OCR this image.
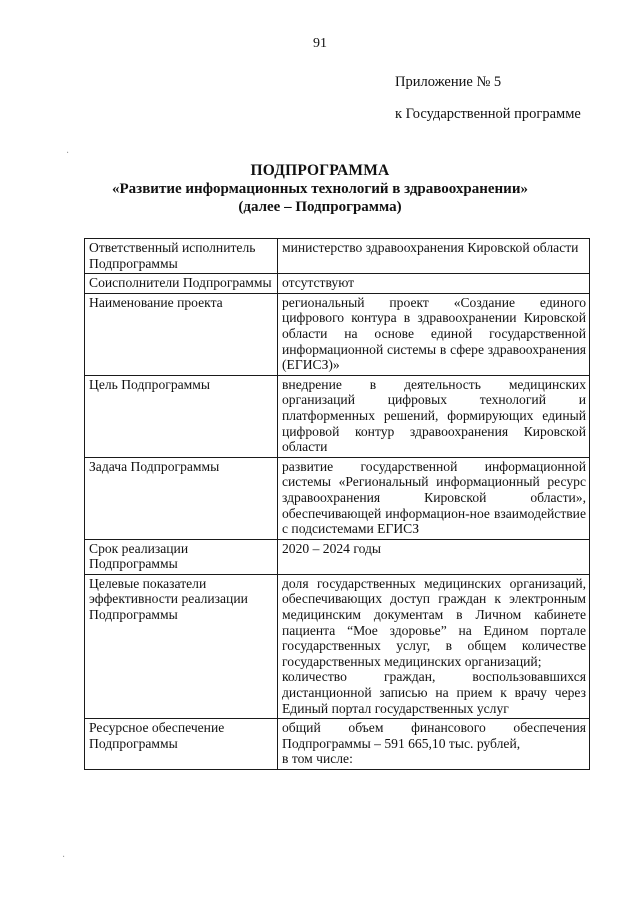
91
Приложение № 5
к Государственной программе
ПОДПРОГРАММА
«Развитие информационных технологий в здравоохранении»
(далее – Подпрограмма)
Ответственный исполнитель Подпрограммы	министерство здравоохранения Кировской области

Соисполнители Подпрограммы	отсутствуют

Наименование проекта	региональный проект «Создание единого цифрового контура в здравоохранении Кировской области на основе единой государственной информационной системы в сфере здравоохранения (ЕГИСЗ)»

Цель Подпрограммы	внедрение в деятельность медицинских организаций цифровых технологий и платформенных решений, формирующих единый цифровой контур здравоохранения Кировской области

Задача Подпрограммы	развитие государственной информационной системы «Региональный информационный ресурс здравоохранения Кировской области», обеспечивающей информацион-ное взаимодействие с подсистемами ЕГИСЗ

Срок реализации Подпрограммы	2020 – 2024 годы

Целевые показатели эффективности реализации Подпрограммы	доля государственных медицинских организаций, обеспечивающих доступ граждан к электронным медицинским документам в Личном кабинете пациента “Мое здоровье” на Едином портале государственных услуг, в общем количестве государственных медицинских организаций;
количество граждан, воспользовавшихся дистанционной записью на прием к врачу через Единый портал государственных услуг

Ресурсное обеспечение Подпрограммы	общий объем финансового обеспечения Подпрограммы – 591 665,10 тыс. рублей,
в том числе:
·
·
